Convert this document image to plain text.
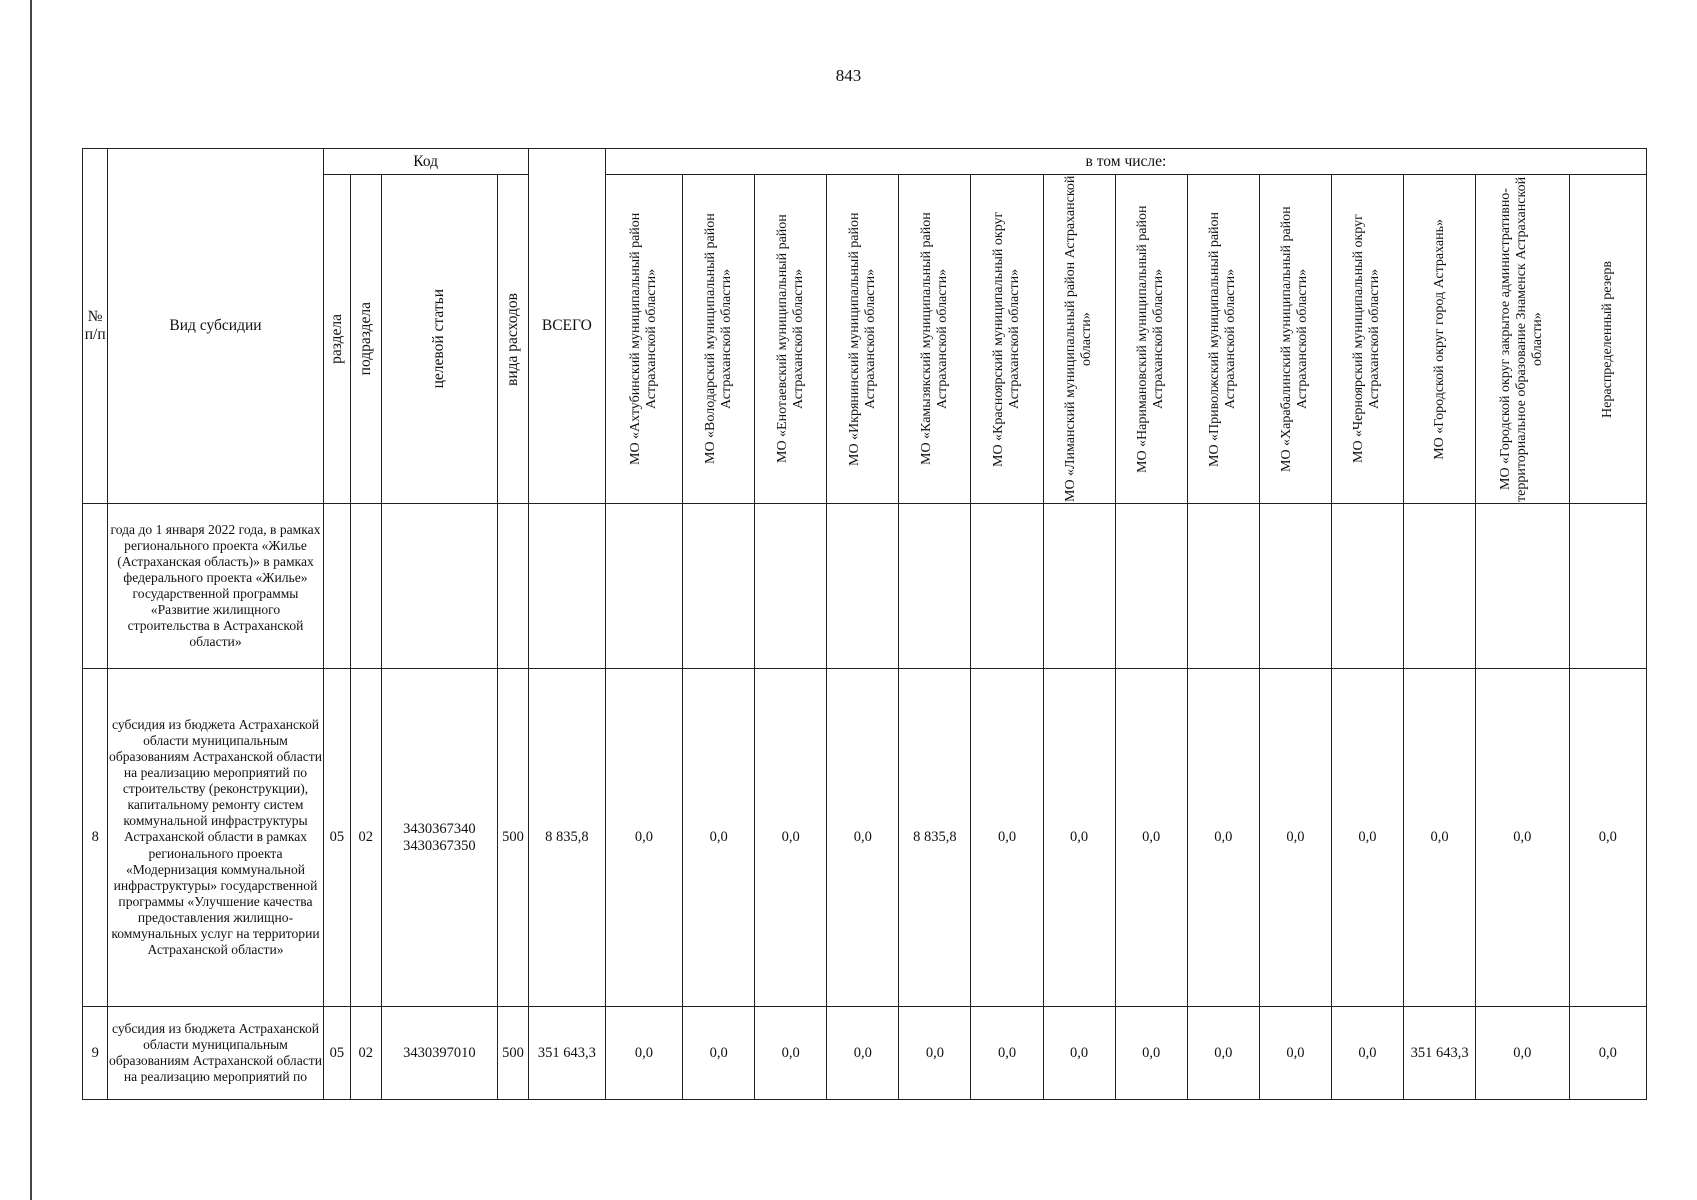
843
№ п/п	Вид субсидии	Код				ВСЕГО	в том числе:													

		раздела	подраздела	целевой статьи	вида расходов		МО «Ахтубинский муниципальный район Астраханской области»	МО «Володарский муниципальный район Астраханской области»	МО «Енотаевский муниципальный район Астраханской области»	МО «Икрянинский муниципальный район Астраханской области»	МО «Камызякский муниципальный район Астраханской области»	МО «Красноярский муниципальный округ Астраханской области»	МО «Лиманский муниципальный район Астраханской области»	МО «Наримановский муниципальный район Астраханской области»	МО «Приволжский муниципальный район Астраханской области»	МО «Харабалинский муниципальный район Астраханской области»	МО «Черноярский муниципальный округ Астраханской области»	МО «Городской округ город Астрахань»	МО «Городской округ закрытое административно-территориальное образование Знаменск Астраханской области»	Нераспределенный резерв

	года до 1 января 2022 года, в рамках регионального проекта «Жилье (Астраханская область)» в рамках федерального проекта «Жилье» государственной программы «Развитие жилищного строительства в Астраханской области»																			
8	субсидия из бюджета Астраханской области муниципальным образованиям Астраханской области на реализацию мероприятий по строительству (реконструкции), капитальному ремонту систем коммунальной инфраструктуры Астраханской области в рамках регионального проекта «Модернизация коммунальной инфраструктуры» государственной программы «Улучшение качества предоставления жилищно-коммунальных услуг на территории Астраханской области»	05	02	3430367340 3430367350	500	8 835,8	0,0	0,0	0,0	0,0	8 835,8	0,0	0,0	0,0	0,0	0,0	0,0	0,0	0,0	0,0
9	субсидия из бюджета Астраханской области муниципальным образованиям Астраханской области на реализацию мероприятий по	05	02	3430397010	500	351 643,3	0,0	0,0	0,0	0,0	0,0	0,0	0,0	0,0	0,0	0,0	0,0	351 643,3	0,0	0,0
